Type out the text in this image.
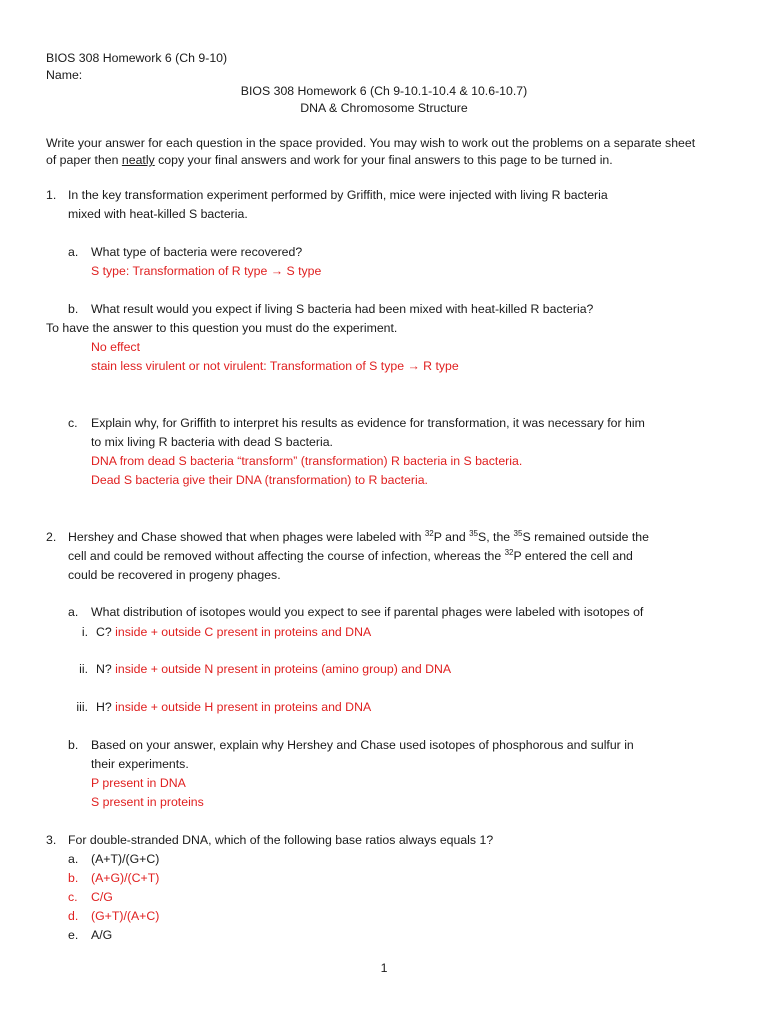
BIOS 308 Homework 6 (Ch 9-10)
Name:
BIOS 308 Homework 6 (Ch 9-10.1-10.4 & 10.6-10.7)
DNA & Chromosome Structure
Write your answer for each question in the space provided. You may wish to work out the problems on a separate sheet
of paper then neatly copy your final answers and work for your final answers to this page to be turned in.
1. In the key transformation experiment performed by Griffith, mice were injected with living R bacteria
mixed with heat-killed S bacteria.
a. What type of bacteria were recovered?
S type: Transformation of R type → S type
b. What result would you expect if living S bacteria had been mixed with heat-killed R bacteria?
To have the answer to this question you must do the experiment.
No effect
stain less virulent or not virulent: Transformation of S type → R type
c. Explain why, for Griffith to interpret his results as evidence for transformation, it was necessary for him
to mix living R bacteria with dead S bacteria.
DNA from dead S bacteria “transform” (transformation) R bacteria in S bacteria.
Dead S bacteria give their DNA (transformation) to R bacteria.
2. Hershey and Chase showed that when phages were labeled with $^{32}$P and $^{35}$S, the $^{35}$S remained outside the
cell and could be removed without affecting the course of infection, whereas the $^{32}$P entered the cell and
could be recovered in progeny phages.
a. What distribution of isotopes would you expect to see if parental phages were labeled with isotopes of
i. C? inside + outside C present in proteins and DNA
ii. N? inside + outside N present in proteins (amino group) and DNA
iii. H? inside + outside H present in proteins and DNA
b. Based on your answer, explain why Hershey and Chase used isotopes of phosphorous and sulfur in
their experiments.
P present in DNA
S present in proteins
3. For double-stranded DNA, which of the following base ratios always equals 1?
a. (A+T)/(G+C)
b. (A+G)/(C+T)
c. C/G
d. (G+T)/(A+C)
e. A/G
1
